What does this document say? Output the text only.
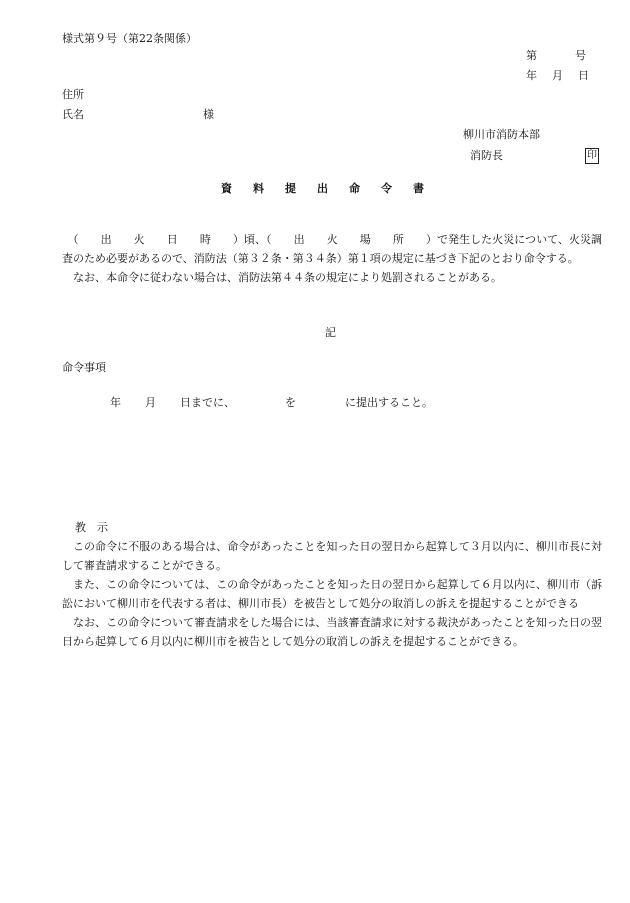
様式第９号（第22条関係）
第	号
年　月　日
住所
氏名	様
柳川市消防本部
消防長	印
資料提出命令書

（　　出　　火　　日　　時　　）頃、（　　出　　火　　場　　所　　）で発生した火災について、火災調査のため必要があるので、消防法（第３２条・第３４条）第１項の規定に基づき下記のとおり命令する。

なお、本命令に従わない場合は、消防法第４４条の規定により処罰されることがある。

記
命令事項
年 月 日までに、	を	に提出すること。
教　示

この命令に不服のある場合は、命令があったことを知った日の翌日から起算して３月以内に、柳川市長に対して審査請求することができる。

また、この命令については、この命令があったことを知った日の翌日から起算して６月以内に、柳川市（訴訟において柳川市を代表する者は、柳川市長）を被告として処分の取消しの訴えを提起することができる

なお、この命令について審査請求をした場合には、当該審査請求に対する裁決があったことを知った日の翌日から起算して６月以内に柳川市を被告として処分の取消しの訴えを提起することができる。
